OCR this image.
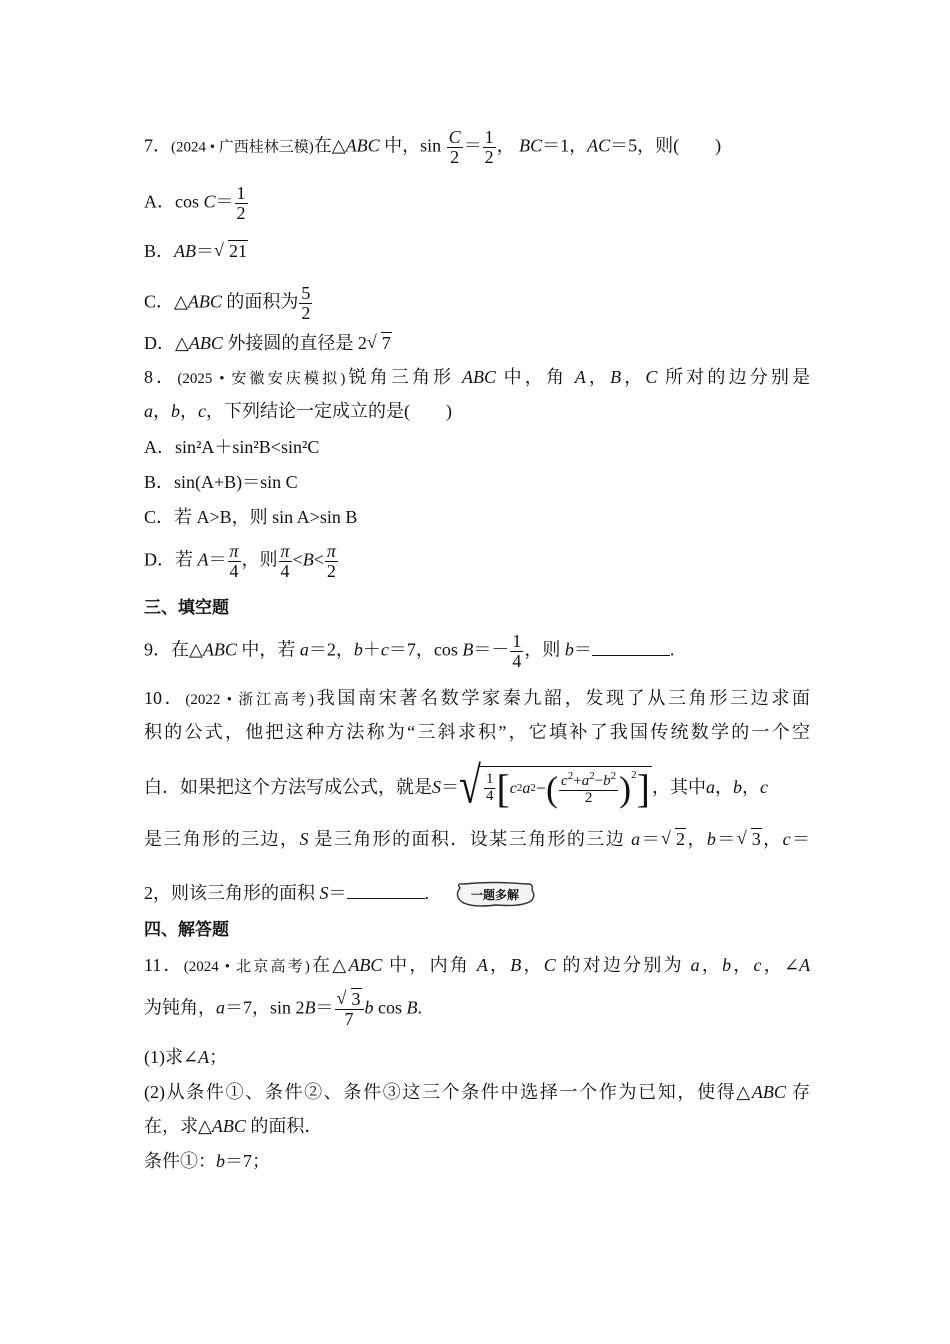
7．(2024 • 广西桂林三模)在△ABC 中，$\sin \frac{C}{2} = \frac{1}{2}$ ， BC＝1，AC＝5，则(　　)
A．$\cos C= \frac{1}{2}$
B．AB＝ √ 21
C．△ABC 的面积为 $\frac{5}{2}$
D．△ABC 外接圆的直径是 2 √ 7
8．(2025 • 安徽安庆模拟)锐角三角形 ABC 中，角 A，B，C 所对的边分别是
a，b，c，下列结论一定成立的是(　　)
A．sin²A＋sin²B<sin²C
B．sin(A+B)＝sin C
C．若 A>B，则 sin A>sin B
D．若 $A= \frac{\pi}{4}$ ，则 $\frac{\pi}{4} <B< \frac{\pi}{2}$
三、填空题
9．在△ABC 中，若 a＝2，b＋c＝7，$\cos B=- \frac{1}{4}$ ，则 b＝	.
10．(2022 • 浙江高考)我国南宋著名数学家秦九韶，发现了从三角形三边求面
积的公式，他把这种方法称为“三斜求积”，它填补了我国传统数学的一个空
白．如果把这个方法写成公式，就是 S ＝ √ $\frac{1}{4}$ [ c 2 a 2 − ( $\frac{c^2+a^2-b^2}{2} )^2$ ] ，其中 a ， b ， c
是三角形的三边，S 是三角形的面积．设某三角形的三边 a＝ √ 2，b＝ √ 3，c＝
2，则该三角形的面积 S＝	.	一题多解
四、解答题
11．(2024 • 北京高考)在△ABC 中，内角 A，B，C 的对边分别为 a，b，c，∠A
为钝角，a＝7，sin 2B＝ √ $\frac{3}{7}$ b cos B.
(1)求∠A；
(2)从条件①、条件②、条件③这三个条件中选择一个作为已知，使得△ABC 存
在，求△ABC 的面积．
条件①：b＝7；
